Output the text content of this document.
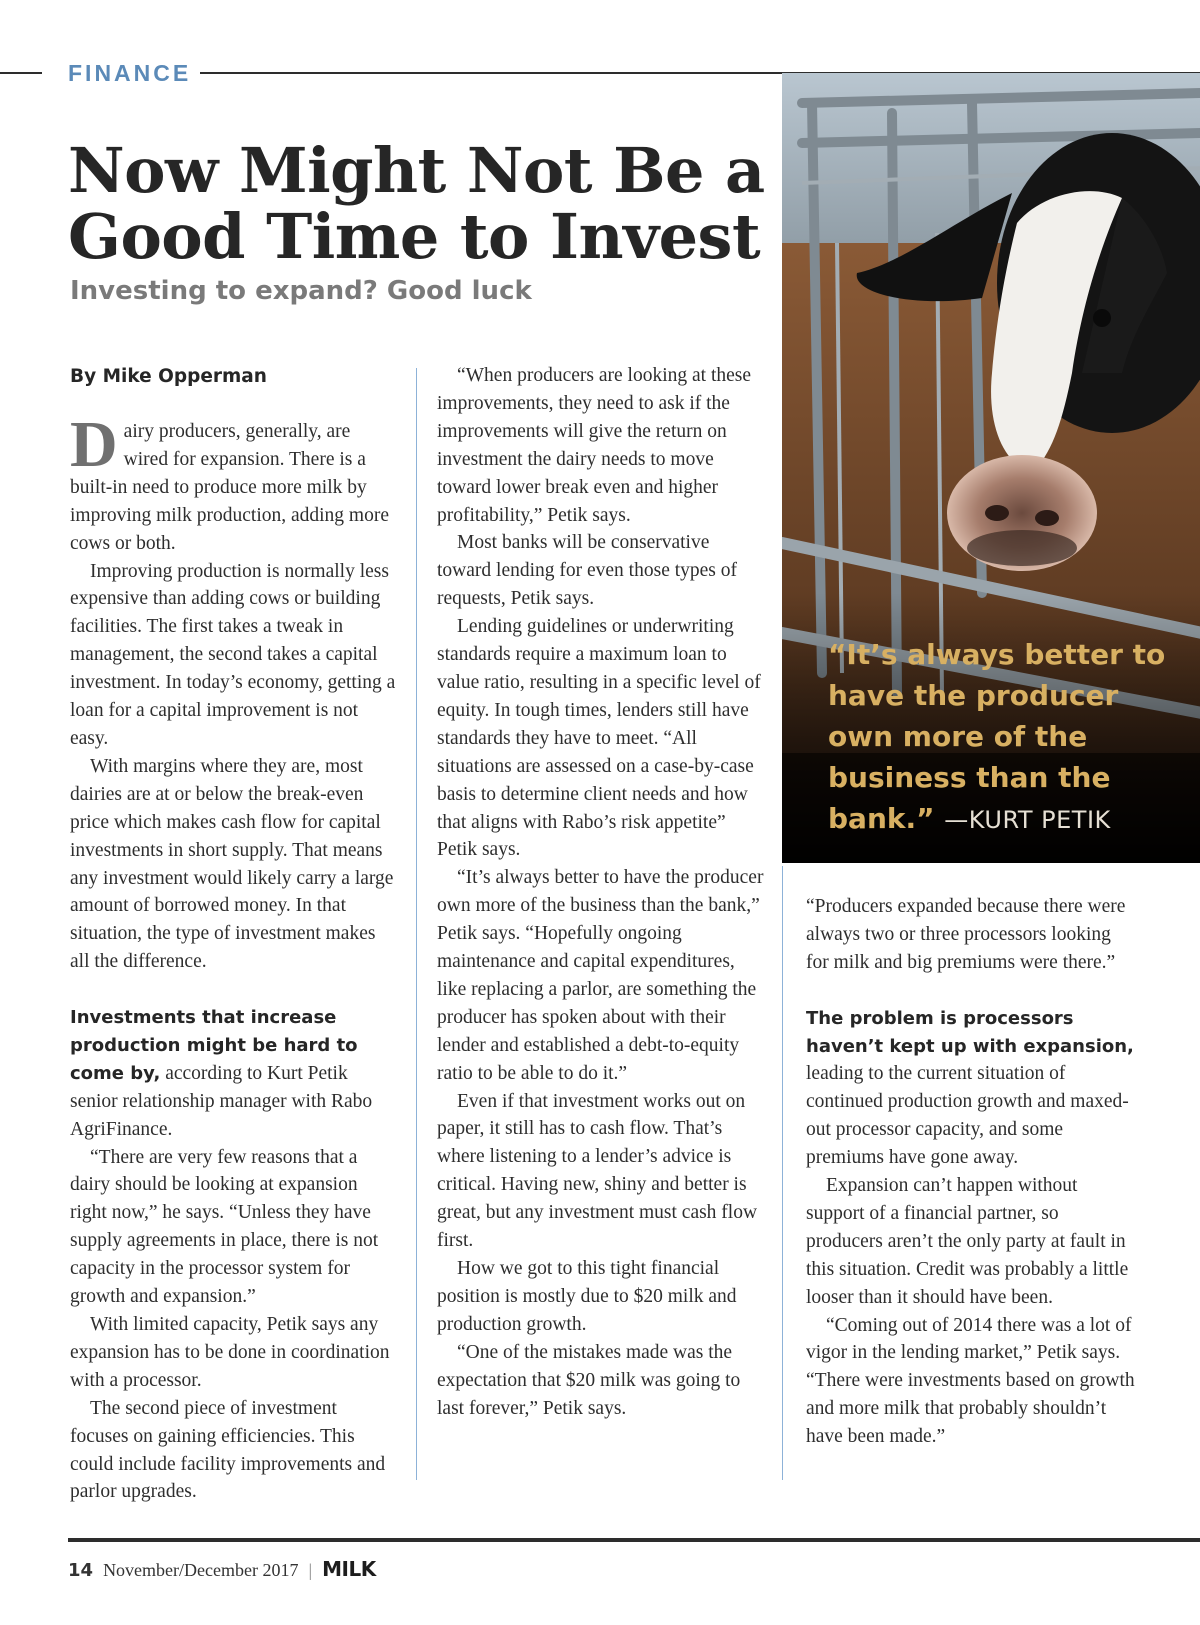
FINANCE
Now Might Not Be a
Good Time to Invest
Investing to expand? Good luck
“It’s always better to have the producer own more of the business than the bank.” —KURT PETIK
By Mike Opperman

Dairy producers, generally, are wired for expansion. There is a built-in need to produce more milk by improving milk production, adding more cows or both.

Improving production is normally less expensive than adding cows or building facilities. The first takes a tweak in management, the second takes a capital investment. In today’s economy, getting a loan for a capital improvement is not easy.

With margins where they are, most dairies are at or below the break-even price which makes cash flow for capital investments in short supply. That means any investment would likely carry a large amount of borrowed money. In that situation, the type of investment makes all the difference.

Investments that increase production might be hard to come by, according to Kurt Petik senior relationship manager with Rabo AgriFinance.

“There are very few reasons that a dairy should be looking at expansion right now,” he says. “Unless they have supply agreements in place, there is not capacity in the processor system for growth and expansion.”

With limited capacity, Petik says any expansion has to be done in coordination with a processor.

The second piece of investment focuses on gaining efficiencies. This could include facility improvements and parlor upgrades.

“When producers are looking at these improvements, they need to ask if the improvements will give the return on investment the dairy needs to move toward lower break even and higher profitability,” Petik says.

Most banks will be conservative toward lending for even those types of requests, Petik says.

Lending guidelines or underwriting standards require a maximum loan to value ratio, resulting in a specific level of equity. In tough times, lenders still have standards they have to meet. “All situations are assessed on a case-by-case basis to determine client needs and how that aligns with Rabo’s risk appetite” Petik says.

“It’s always better to have the producer own more of the business than the bank,” Petik says. “Hopefully ongoing maintenance and capital expenditures, like replacing a parlor, are something the producer has spoken about with their lender and established a debt-to-equity ratio to be able to do it.”

Even if that investment works out on paper, it still has to cash flow. That’s where listening to a lender’s advice is critical. Having new, shiny and better is great, but any investment must cash flow first.

How we got to this tight financial position is mostly due to $20 milk and production growth.

“One of the mistakes made was the expectation that $20 milk was going to last forever,” Petik says.

“Producers expanded because there were always two or three processors looking for milk and big premiums were there.”

The problem is processors haven’t kept up with expansion, leading to the current situation of continued production growth and maxed-out processor capacity, and some premiums have gone away.

Expansion can’t happen without support of a financial partner, so producers aren’t the only party at fault in this situation. Credit was probably a little looser than it should have been.

“Coming out of 2014 there was a lot of vigor in the lending market,” Petik says. “There were investments based on growth and more milk that probably shouldn’t have been made.”

14 November/December 2017 | MILK
